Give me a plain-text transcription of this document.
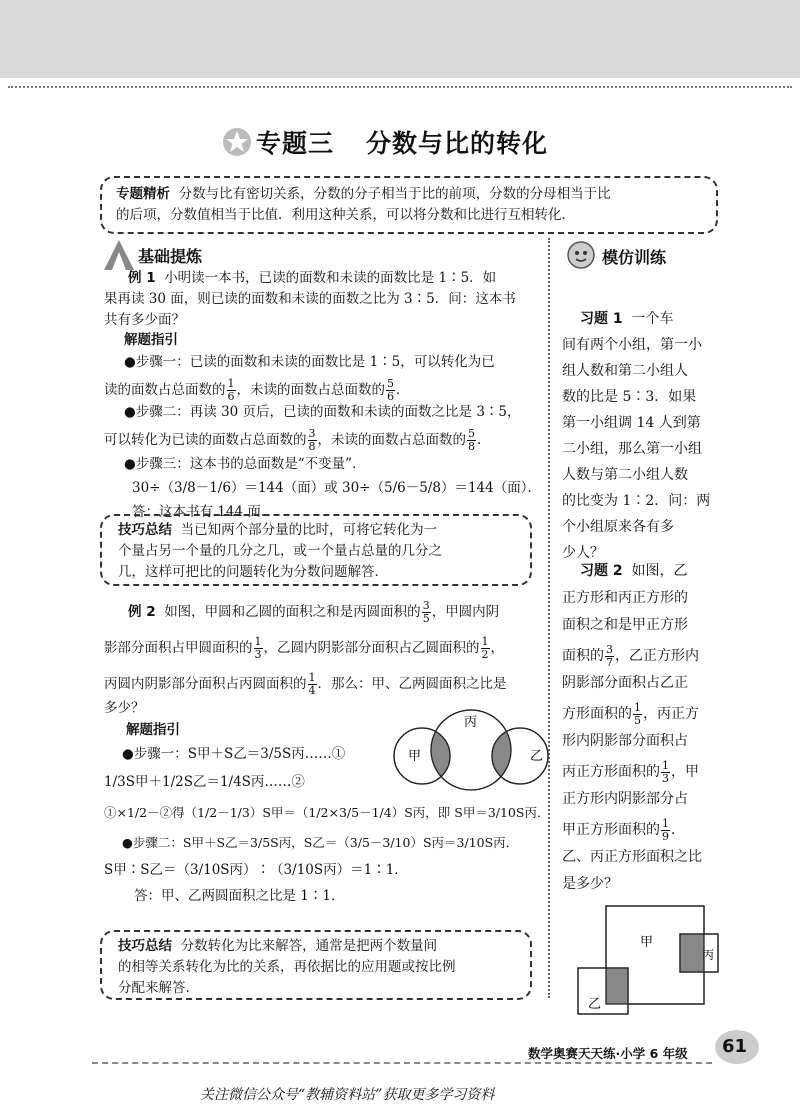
专题三 分数与比的转化
专题精析 分数与比有密切关系，分数的分子相当于比的前项，分数的分母相当于比
的后项，分数值相当于比值．利用这种关系，可以将分数和比进行互相转化．
A 基础提炼	模仿训练
例 1 小明读一本书，已读的面数和未读的面数比是 1∶5．如
果再读 30 面，则已读的面数和未读的面数之比为 3∶5．问：这本书
共有多少面？
解题指引
●步骤一：已读的面数和未读的面数比是 1∶5，可以转化为已
读的面数占总面数的 $\frac{1}{6}$ ，未读的面数占总面数的 $\frac{5}{6}$ ．
●步骤二：再读 30 页后，已读的面数和未读的面数之比是 3∶5，
可以转化为已读的面数占总面数的 $\frac{3}{8}$ ，未读的面数占总面数的 $\frac{5}{8}$ ．
●步骤三：这本书的总面数是“不变量”．
30÷（3/8－1/6）＝144（面）或 30÷（5/6－5/8）＝144（面）．
答：这本书有 144 面．
技巧总结 当已知两个部分量的比时，可将它转化为一
个量占另一个量的几分之几，或一个量占总量的几分之
几，这样可把比的问题转化为分数问题解答．
例 2 如图，甲圆和乙圆的面积之和是丙圆面积的 $\frac{3}{5}$ ，甲圆内阴
影部分面积占甲圆面积的 $\frac{1}{3}$ ，乙圆内阴影部分面积占乙圆面积的 $\frac{1}{2}$ ，
丙圆内阴影部分面积占丙圆面积的 $\frac{1}{4}$ ．那么：甲、乙两圆面积之比是
多少？
解题指引
●步骤一：S甲＋S乙＝3/5S丙……①
1/3S甲＋1/2S乙＝1/4S丙……②
①×1/2－②得（1/2－1/3）S甲＝（1/2×3/5－1/4）S丙，即 S甲＝3/10S丙．
●步骤二：S甲＋S乙＝3/5S丙，S乙＝（3/5－3/10）S丙＝3/10S丙．
S甲∶S乙＝（3/10S丙）∶（3/10S丙）＝1∶1．
答：甲、乙两圆面积之比是 1∶1．
甲	乙
丙
技巧总结 分数转化为比来解答，通常是把两个数量间
的相等关系转化为比的关系，再依据比的应用题或按比例
分配来解答．
习题 1 一个车
间有两个小组，第一小
组人数和第二小组人
数的比是 5∶3．如果
第一小组调 14 人到第
二小组，那么第一小组
人数与第二小组人数
的比变为 1∶2．问：两
个小组原来各有多
少人？
习题 2 如图，乙
正方形和丙正方形的
面积之和是甲正方形
面积的 $\frac{3}{7}$ ，乙正方形内
阴影部分面积占乙正
方形面积的 $\frac{1}{5}$ ，丙正方
形内阴影部分面积占
丙正方形面积的 $\frac{1}{3}$ ，甲
正方形内阴影部分占
甲正方形面积的 $\frac{1}{9}$ ．
乙、丙正方形面积之比
是多少？
甲
乙
丙
数学奥赛天天练·小学 6 年级 61
关注微信公众号“教辅资料站”获取更多学习资料
